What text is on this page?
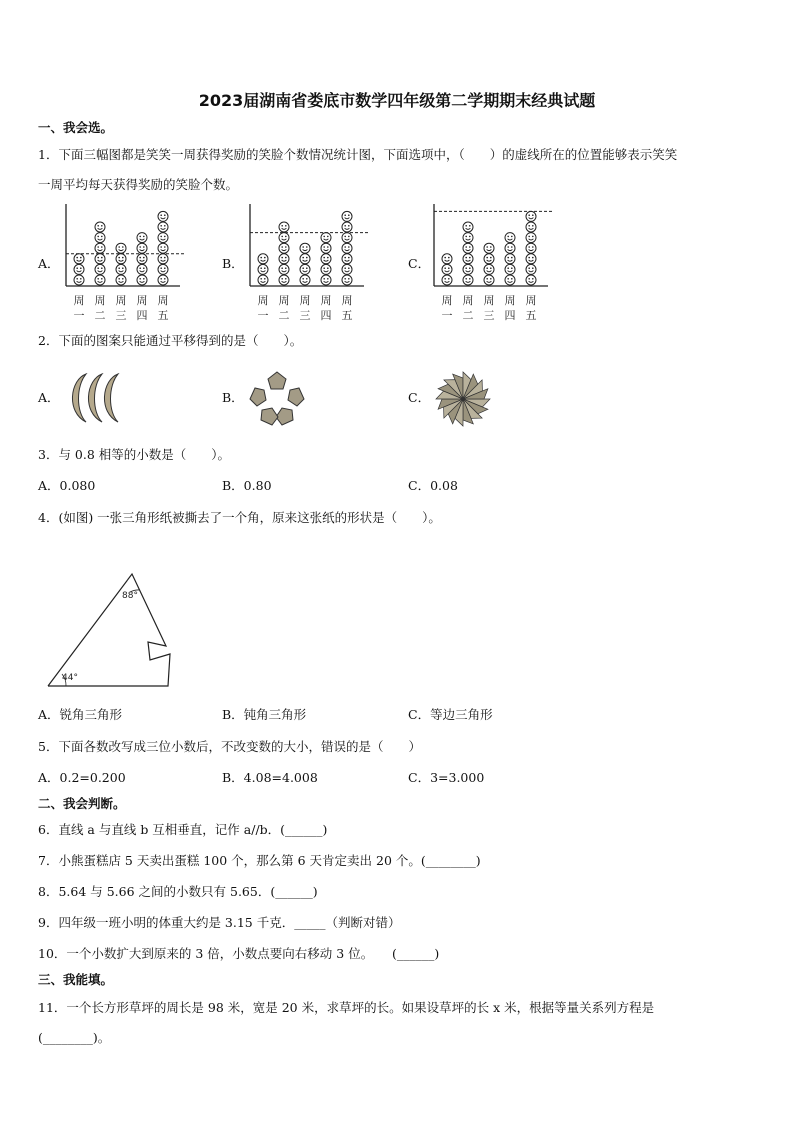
2023届湖南省娄底市数学四年级第二学期期末经典试题
一、我会选。
1．下面三幅图都是笑笑一周获得奖励的笑脸个数情况统计图，下面选项中，（　　）的虚线所在的位置能够表示笑笑
一周平均每天获得奖励的笑脸个数。
A．
周
一
周
二
周
三
周
四
周
五
B．
周
一
周
二
周
三
周
四
周
五
C．
周
一
周
二
周
三
周
四
周
五
2．下面的图案只能通过平移得到的是（　　）。
A．	B．	C．
3．与 0.8 相等的小数是（　　）。
A．0.080	B．0.80	C．0.08
4．(如图) 一张三角形纸被撕去了一个角，原来这张纸的形状是（　　）。
88°
44°
A．锐角三角形	B．钝角三角形	C．等边三角形
5．下面各数改写成三位小数后，不改变数的大小，错误的是（　　）
A．0.2=0.200	B．4.08=4.008	C．3=3.000
二、我会判断。
6．直线 a 与直线 b 互相垂直，记作 a//b．(______)
7．小熊蛋糕店 5 天卖出蛋糕 100 个，那么第 6 天肯定卖出 20 个。(________)
8．5.64 与 5.66 之间的小数只有 5.65．(______)
9．四年级一班小明的体重大约是 3.15 千克．_____（判断对错）
10．一个小数扩大到原来的 3 倍，小数点要向右移动 3 位。　　(______)
三、我能填。
11．一个长方形草坪的周长是 98 米，宽是 20 米，求草坪的长。如果设草坪的长 x 米，根据等量关系列方程是
(________)。
